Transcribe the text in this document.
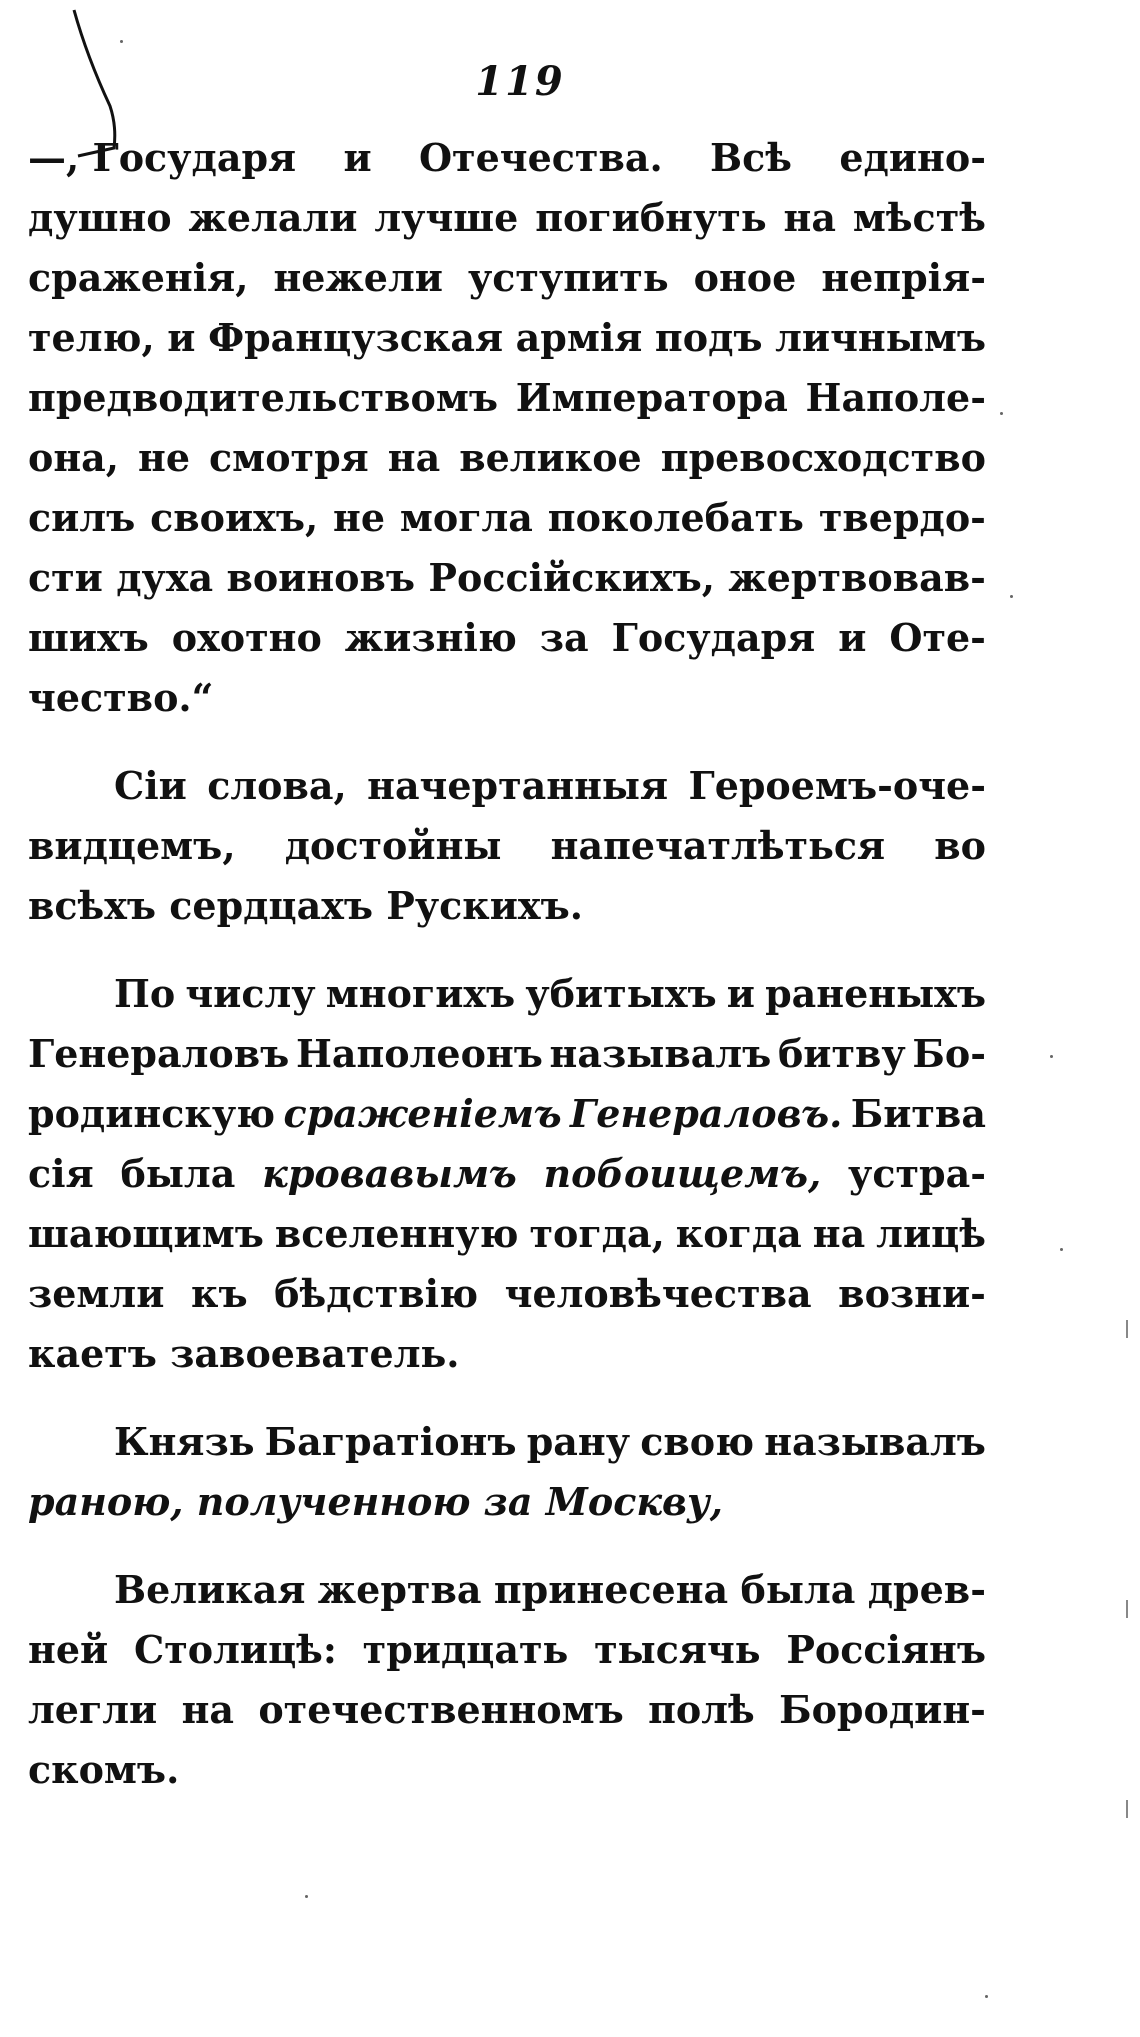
119
—, Государя и Отечества. Всѣ едино-
душно желали лучше погибнуть на мѣстѣ
сраженія, нежели уступить оное непрія-
телю, и Французская армія подъ личнымъ
предводительствомъ Императора Наполе-
она, не смотря на великое превосходство
силъ своихъ, не могла поколебать твердо-
сти духа воиновъ Россійскихъ, жертвовав-
шихъ охотно жизнію за Государя и Оте-
чество.“
Сіи слова, начертанныя Героемъ-оче-
видцемъ, достойны напечатлѣться во
всѣхъ сердцахъ Рускихъ.
По числу многихъ убитыхъ и раненыхъ
Генераловъ Наполеонъ называлъ битву Бо-
родинскую сраженіемъ Генераловъ. Битва
сія была кровавымъ побоищемъ, устра-
шающимъ вселенную тогда, когда на лицѣ
земли къ бѣдствію человѣчества возни-
каетъ завоеватель.
Князь Багратіонъ рану свою называлъ
раною, полученною за Москву,
Великая жертва принесена была древ-
ней Столицѣ: тридцать тысячь Россіянъ
легли на отечественномъ полѣ Бородин-
скомъ.
